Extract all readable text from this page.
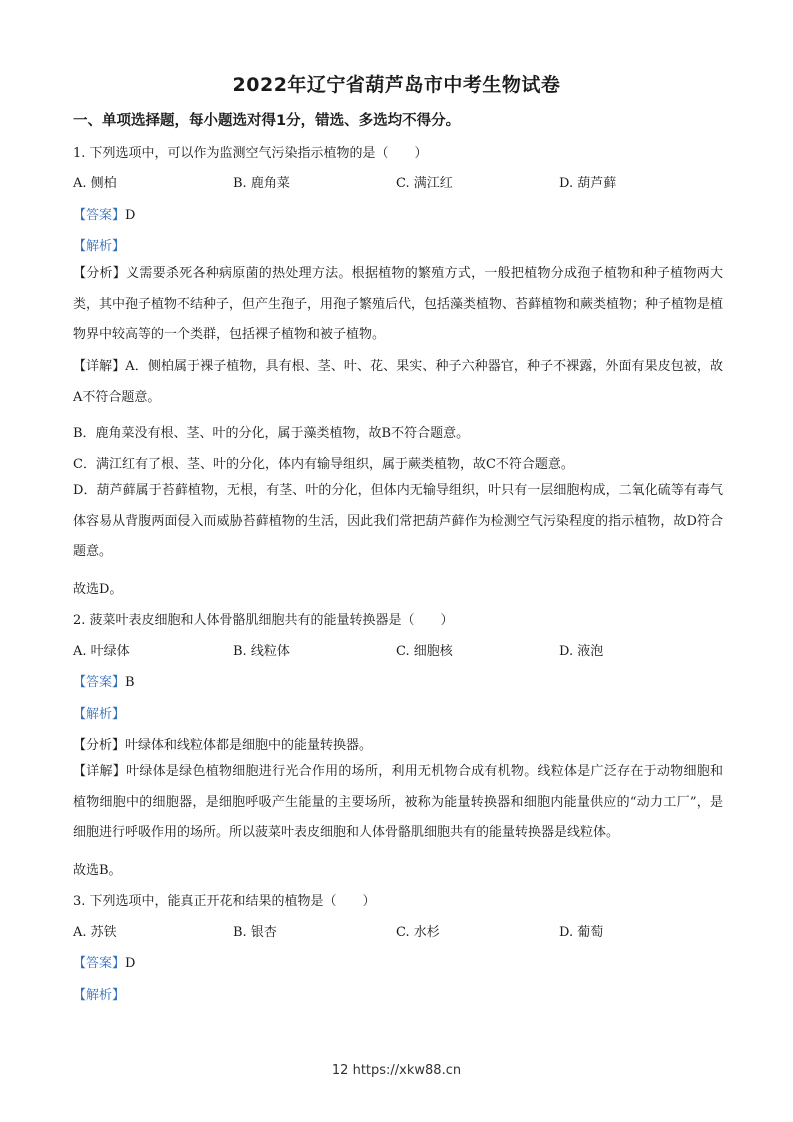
2022年辽宁省葫芦岛市中考生物试卷
一、单项选择题，每小题选对得1分，错选、多选均不得分。
1. 下列选项中，可以作为监测空气污染指示植物的是（　　）
A. 侧柏	B. 鹿角菜	C. 满江红	D. 葫芦藓
【答案】D
【解析】
【分析】义需要杀死各种病原菌的热处理方法。根据植物的繁殖方式，一般把植物分成孢子植物和种子植物两大类，其中孢子植物不结种子，但产生孢子，用孢子繁殖后代，包括藻类植物、苔藓植物和蕨类植物；种子植物是植物界中较高等的一个类群，包括裸子植物和被子植物。
【详解】A．侧柏属于裸子植物，具有根、茎、叶、花、果实、种子六种器官，种子不裸露，外面有果皮包被，故A不符合题意。
B．鹿角菜没有根、茎、叶的分化，属于藻类植物，故B不符合题意。
C．满江红有了根、茎、叶的分化，体内有输导组织，属于蕨类植物，故C不符合题意。
D．葫芦藓属于苔藓植物，无根，有茎、叶的分化，但体内无输导组织，叶只有一层细胞构成，二氧化硫等有毒气体容易从背腹两面侵入而威胁苔藓植物的生活，因此我们常把葫芦藓作为检测空气污染程度的指示植物，故D符合题意。
故选D。
2. 菠菜叶表皮细胞和人体骨骼肌细胞共有的能量转换器是（　　）
A. 叶绿体	B. 线粒体	C. 细胞核	D. 液泡
【答案】B
【解析】
【分析】叶绿体和线粒体都是细胞中的能量转换器。
【详解】叶绿体是绿色植物细胞进行光合作用的场所，利用无机物合成有机物。线粒体是广泛存在于动物细胞和植物细胞中的细胞器，是细胞呼吸产生能量的主要场所，被称为能量转换器和细胞内能量供应的“动力工厂”，是细胞进行呼吸作用的场所。所以菠菜叶表皮细胞和人体骨骼肌细胞共有的能量转换器是线粒体。
故选B。
3. 下列选项中，能真正开花和结果的植物是（　　）
A. 苏铁	B. 银杏	C. 水杉	D. 葡萄
【答案】D
【解析】
12 https://xkw88.cn
